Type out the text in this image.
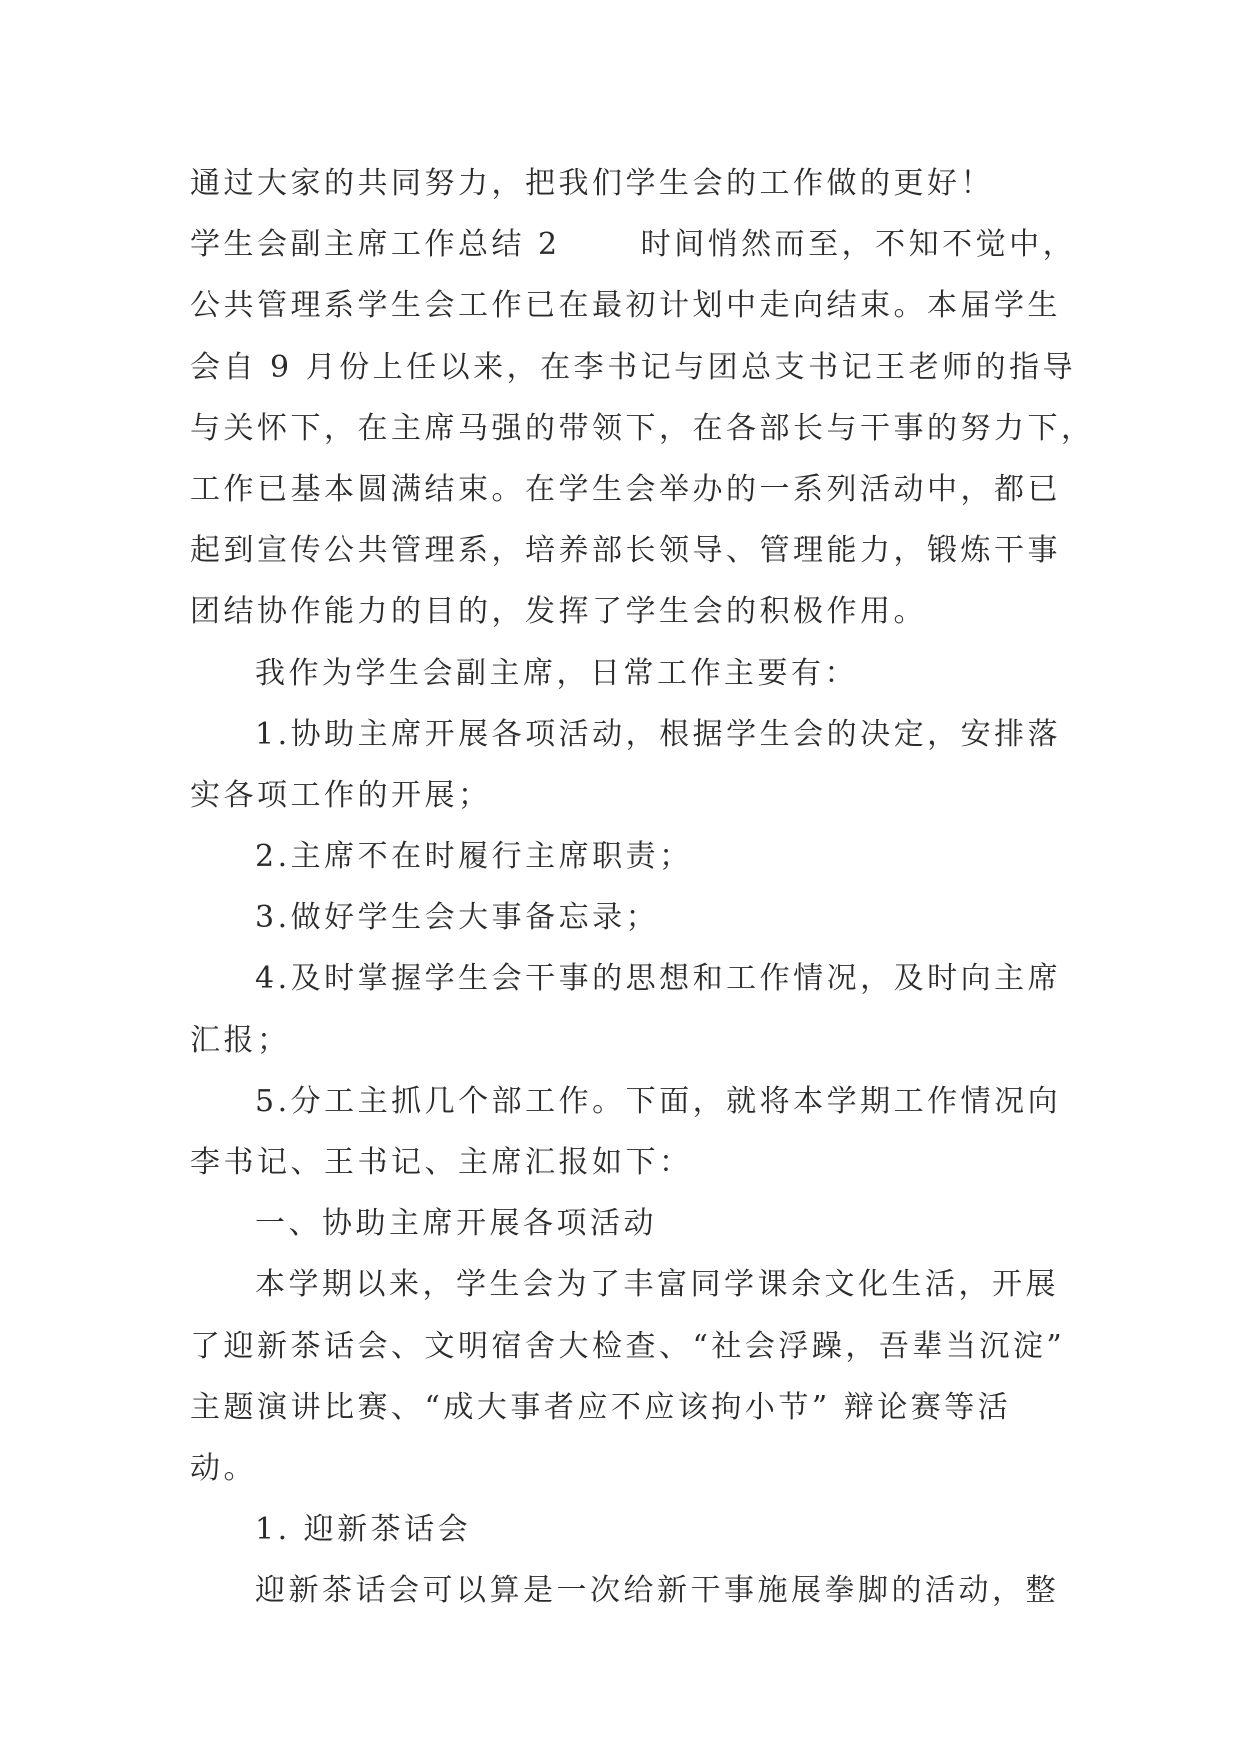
通过大家的共同努力，把我们学生会的工作做的更好！

学生会副主席工作总结 2　　 时间悄然而至，不知不觉中，

公共管理系学生会工作已在最初计划中走向结束。本届学生

会自 9 月份上任以来，在李书记与团总支书记王老师的指导

与关怀下，在主席马强的带领下，在各部长与干事的努力下，

工作已基本圆满结束。在学生会举办的一系列活动中，都已

起到宣传公共管理系，培养部长领导、管理能力，锻炼干事

团结协作能力的目的，发挥了学生会的积极作用。

我作为学生会副主席，日常工作主要有：

1.协助主席开展各项活动，根据学生会的决定，安排落

实各项工作的开展；

2.主席不在时履行主席职责；

3.做好学生会大事备忘录；

4.及时掌握学生会干事的思想和工作情况，及时向主席

汇报；

5.分工主抓几个部工作。下面，就将本学期工作情况向

李书记、王书记、主席汇报如下：

一、协助主席开展各项活动

本学期以来，学生会为了丰富同学课余文化生活，开展

了迎新茶话会、文明宿舍大检查、“社会浮躁，吾辈当沉淀”

主题演讲比赛、“成大事者应不应该拘小节” 辩论赛等活

动。

1. 迎新茶话会

迎新茶话会可以算是一次给新干事施展拳脚的活动，整
